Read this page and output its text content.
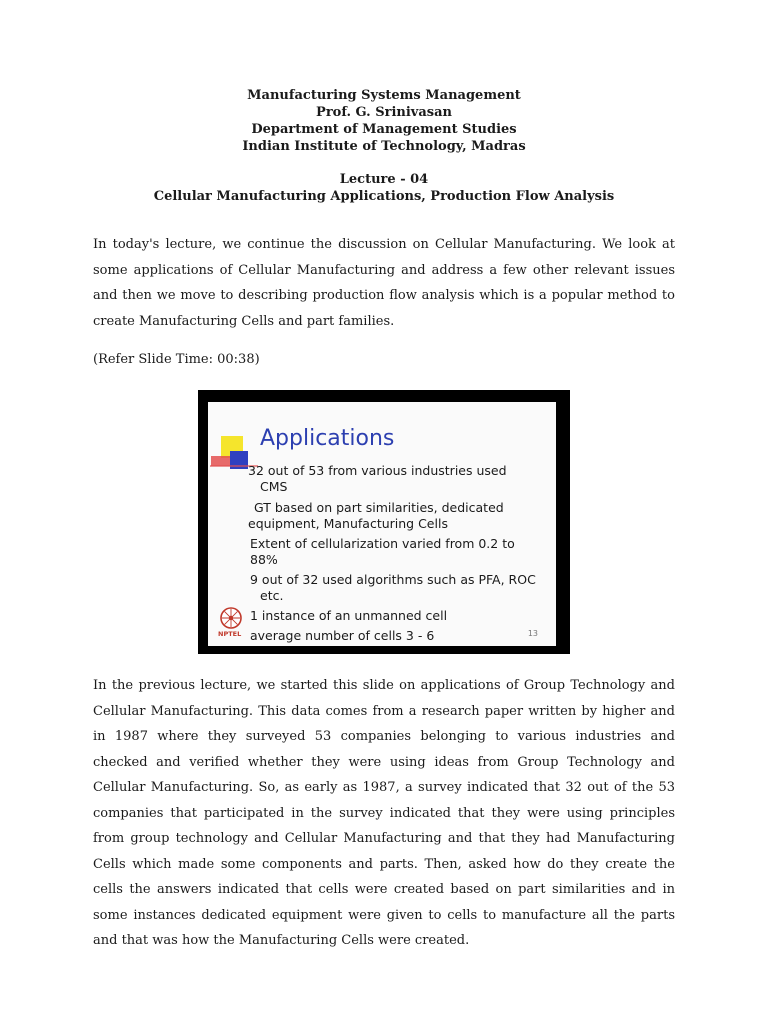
Manufacturing Systems Management

Prof. G. Srinivasan

Department of Management Studies

Indian Institute of Technology, Madras

Lecture - 04

Cellular Manufacturing Applications, Production Flow Analysis

In today's lecture, we continue the discussion on Cellular Manufacturing. We look at some applications of Cellular Manufacturing and address a few other relevant issues and then we move to describing production flow analysis which is a popular method to create Manufacturing Cells and part families.

(Refer Slide Time: 00:38)

Applications

32 out of 53 from various industries used

CMS

GT based on part similarities, dedicated

equipment, Manufacturing Cells

Extent of cellularization varied from 0.2 to

88%

9 out of 32 used algorithms such as PFA, ROC

etc.

1 instance of an unmanned cell

average number of cells 3 - 6

NPTEL	13

In the previous lecture, we started this slide on applications of Group Technology and Cellular Manufacturing. This data comes from a research paper written by higher and in 1987 where they surveyed 53 companies belonging to various industries and checked and verified whether they were using ideas from Group Technology and Cellular Manufacturing. So, as early as 1987, a survey indicated that 32 out of the 53 companies that participated in the survey indicated that they were using principles from group technology and Cellular Manufacturing and that they had Manufacturing Cells which made some components and parts. Then, asked how do they create the cells the answers indicated that cells were created based on part similarities and in some instances dedicated equipment were given to cells to manufacture all the parts and that was how the Manufacturing Cells were created.
